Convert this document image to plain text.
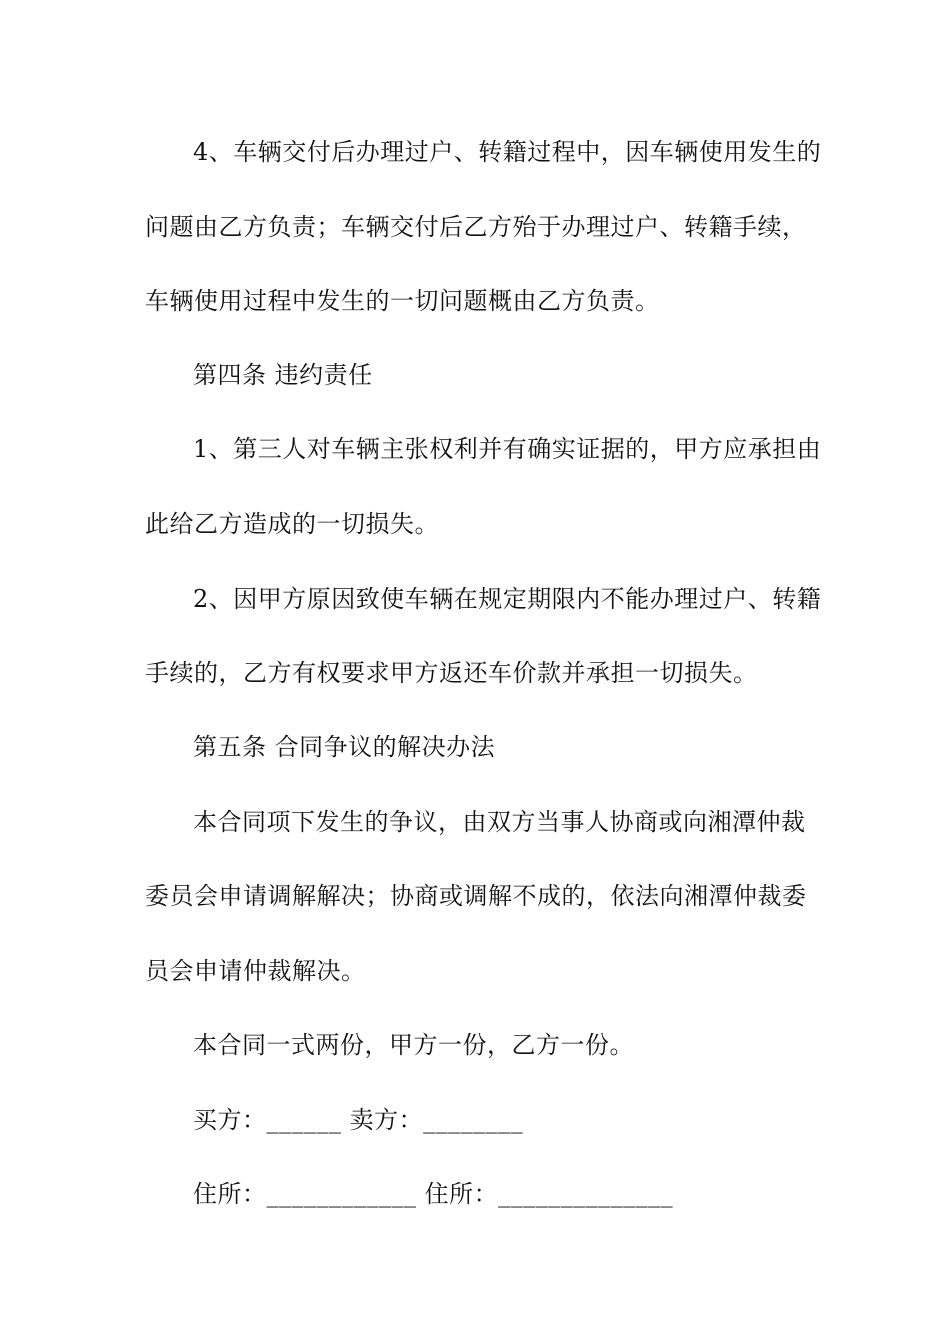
4、车辆交付后办理过户、转籍过程中，因车辆使用发生的
问题由乙方负责；车辆交付后乙方殆于办理过户、转籍手续，
车辆使用过程中发生的一切问题概由乙方负责。
第四条 违约责任
1、第三人对车辆主张权利并有确实证据的，甲方应承担由
此给乙方造成的一切损失。
2、因甲方原因致使车辆在规定期限内不能办理过户、转籍
手续的，乙方有权要求甲方返还车价款并承担一切损失。
第五条 合同争议的解决办法
本合同项下发生的争议，由双方当事人协商或向湘潭仲裁
委员会申请调解解决；协商或调解不成的，依法向湘潭仲裁委
员会申请仲裁解决。
本合同一式两份，甲方一份，乙方一份。
买方：______ 卖方：________
住所：____________ 住所：______________
